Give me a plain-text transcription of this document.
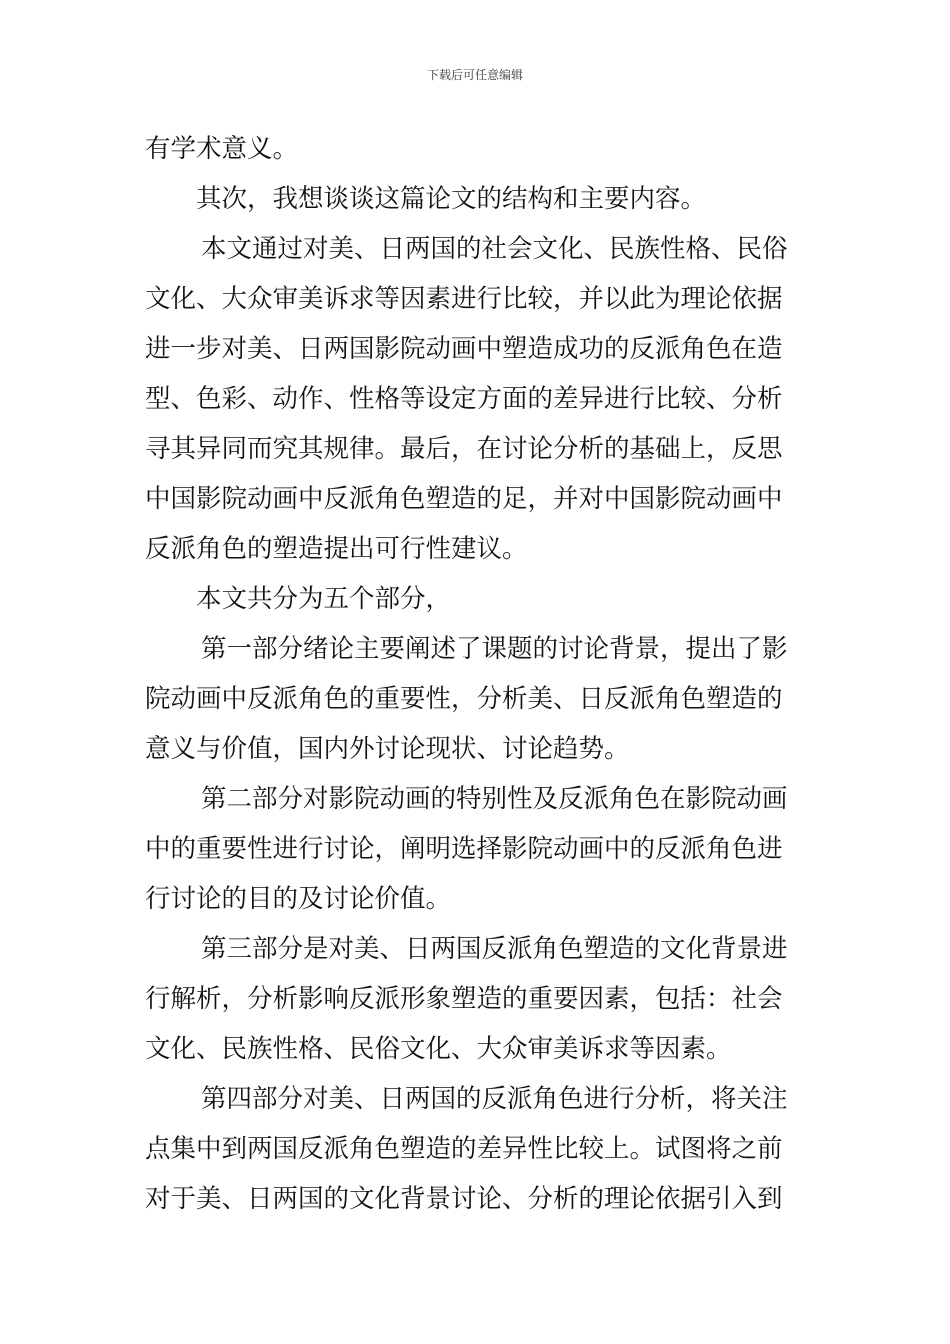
下载后可任意编辑
有学术意义。
其次，我想谈谈这篇论文的结构和主要内容。
本文通过对美、日两国的社会文化、民族性格、民俗
文化、大众审美诉求等因素进行比较，并以此为理论依据
进一步对美、日两国影院动画中塑造成功的反派角色在造
型、色彩、动作、性格等设定方面的差异进行比较、分析
寻其异同而究其规律。最后，在讨论分析的基础上，反思
中国影院动画中反派角色塑造的足，并对中国影院动画中
反派角色的塑造提出可行性建议。
本文共分为五个部分，
第一部分绪论主要阐述了课题的讨论背景，提出了影
院动画中反派角色的重要性，分析美、日反派角色塑造的
意义与价值，国内外讨论现状、讨论趋势。
第二部分对影院动画的特别性及反派角色在影院动画
中的重要性进行讨论，阐明选择影院动画中的反派角色进
行讨论的目的及讨论价值。
第三部分是对美、日两国反派角色塑造的文化背景进
行解析，分析影响反派形象塑造的重要因素，包括：社会
文化、民族性格、民俗文化、大众审美诉求等因素。
第四部分对美、日两国的反派角色进行分析，将关注
点集中到两国反派角色塑造的差异性比较上。试图将之前
对于美、日两国的文化背景讨论、分析的理论依据引入到
